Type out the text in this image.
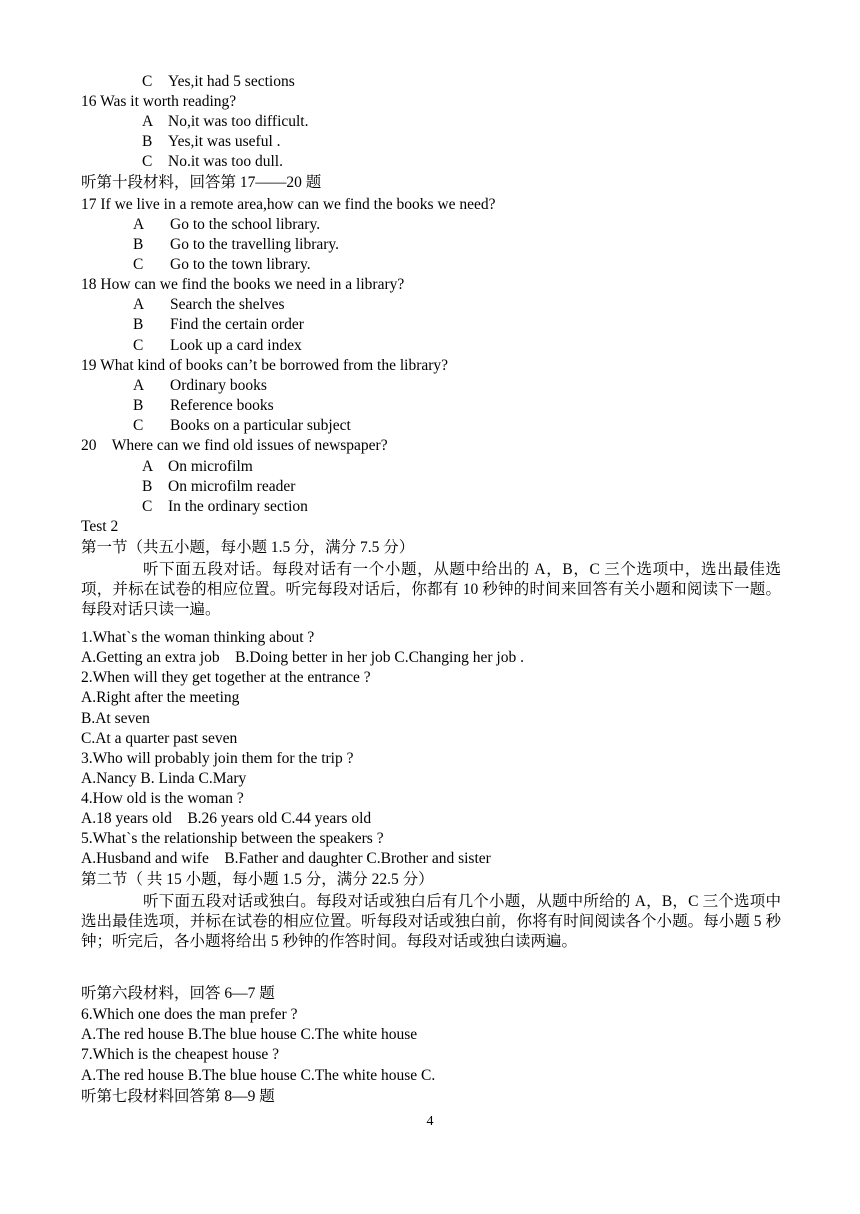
C Yes,it had 5 sections
16 Was it worth reading?
A No,it was too difficult.
B Yes,it was useful .
C No.it was too dull.
听第十段材料，回答第 17——20 题
17 If we live in a remote area,how can we find the books we need?
A Go to the school library.
B Go to the travelling library.
C Go to the town library.
18 How can we find the books we need in a library?
A Search the shelves
B Find the certain order
C Look up a card index
19 What kind of books can’t be borrowed from the library?
A Ordinary books
B Reference books
C Books on a particular subject
20    Where can we find old issues of newspaper?
A On microfilm
B On microfilm reader
C In the ordinary section
Test 2
第一节（共五小题，每小题 1.5 分，满分 7.5 分）
听下面五段对话。每段对话有一个小题，从题中给出的 A，B，C 三个选项中，选出最佳选项，并标在试卷的相应位置。听完每段对话后，你都有 10 秒钟的时间来回答有关小题和阅读下一题。每段对话只读一遍。
1.What`s the woman thinking about ?
A.Getting an extra job    B.Doing better in her job C.Changing her job .
2.When will they get together at the entrance ?
A.Right after the meeting
B.At seven
C.At a quarter past seven
3.Who will probably join them for the trip ?
A.Nancy B. Linda C.Mary
4.How old is the woman ?
A.18 years old    B.26 years old C.44 years old
5.What`s the relationship between the speakers ?
A.Husband and wife    B.Father and daughter C.Brother and sister
第二节（ 共 15 小题，每小题 1.5 分，满分 22.5 分）
听下面五段对话或独白。每段对话或独白后有几个小题，从题中所给的 A，B，C 三个选项中选出最佳选项，并标在试卷的相应位置。听每段对话或独白前，你将有时间阅读各个小题。每小题 5 秒钟；听完后，各小题将给出 5 秒钟的作答时间。每段对话或独白读两遍。
听第六段材料，回答 6—7 题
6.Which one does the man prefer ?
A.The red house B.The blue house C.The white house
7.Which is the cheapest house ?
A.The red house B.The blue house C.The white house C.
听第七段材料回答第 8—9 题
4
